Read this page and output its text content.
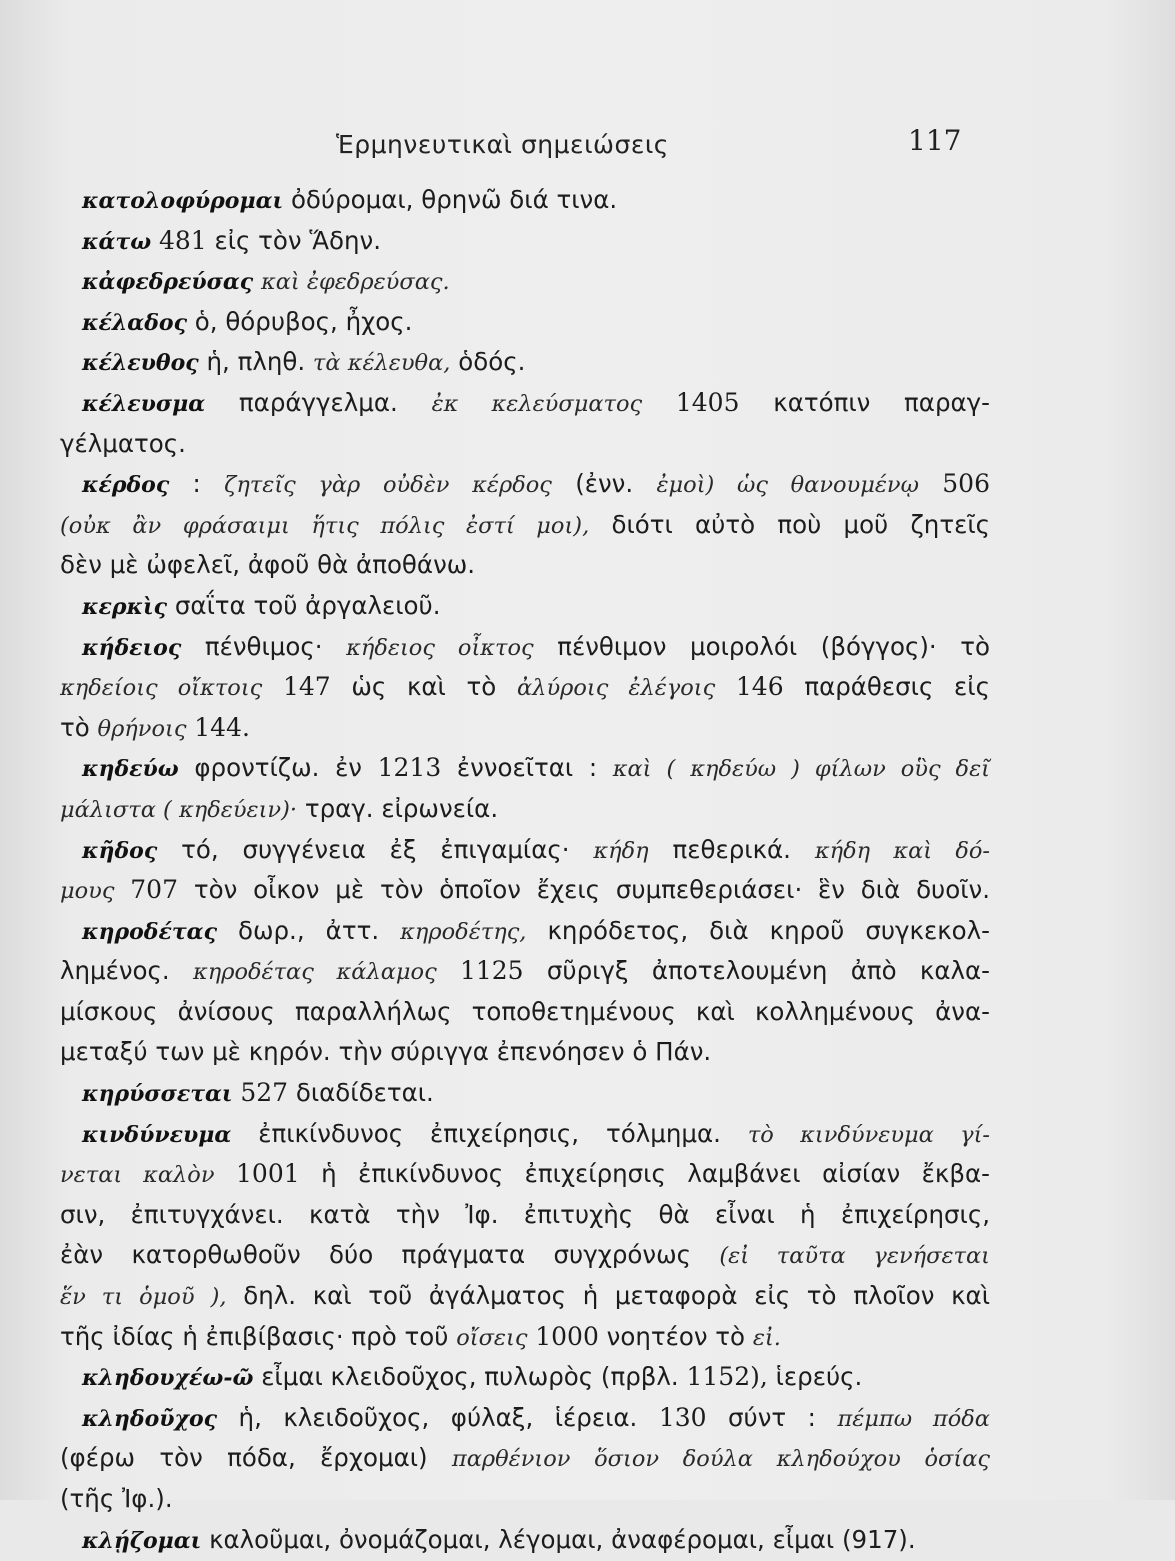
Ἑρμηνευτικαὶ σημειώσεις	117
κατολοφύρομαι ὀδύρομαι, θρηνῶ διά τινα.
κάτω 481 εἰς τὸν Ἅδην.
κἀφεδρεύσας καὶ ἐφεδρεύσας.
κέλαδος ὁ, θόρυβος, ἦχος.
κέλευθος ἡ, πληθ. τὰ κέλευθα, ὁδός.
κέλευσμα παράγγελμα. ἐκ κελεύσματος 1405 κατόπιν παραγ-
γέλματος.
κέρδος : ζητεῖς γὰρ οὐδὲν κέρδος (ἐνν. ἐμοὶ) ὡς θανουμένῳ 506
(οὐκ ἂν φράσαιμι ἥτις πόλις ἐστί μοι), διότι αὐτὸ ποὺ μοῦ ζητεῖς
δὲν μὲ ὠφελεῖ, ἀφοῦ θὰ ἀποθάνω.
κερκὶς σαΐτα τοῦ ἀργαλειοῦ.
κήδειος πένθιμος· κήδειος οἶκτος πένθιμον μοιρολόι (βόγγος)· τὸ
κηδείοις οἴκτοις 147 ὡς καὶ τὸ ἀλύροις ἐλέγοις 146 παράθεσις εἰς
τὸ θρήνοις 144.
κηδεύω φροντίζω. ἐν 1213 ἐννοεῖται : καὶ ( κηδεύω ) φίλων οὓς δεῖ
μάλιστα ( κηδεύειν)· τραγ. εἰρωνεία.
κῆδος τό, συγγένεια ἐξ ἐπιγαμίας· κήδη πεθερικά. κήδη καὶ δό-
μους 707 τὸν οἶκον μὲ τὸν ὁποῖον ἔχεις συμπεθεριάσει· ἓν διὰ δυοῖν.
κηροδέτας δωρ., ἀττ. κηροδέτης, κηρόδετος, διὰ κηροῦ συγκεκολ-
λημένος. κηροδέτας κάλαμος 1125 σῦριγξ ἀποτελουμένη ἀπὸ καλα-
μίσκους ἀνίσους παραλλήλως τοποθετημένους καὶ κολλημένους ἀνα-
μεταξύ των μὲ κηρόν. τὴν σύριγγα ἐπενόησεν ὁ Πάν.
κηρύσσεται 527 διαδίδεται.
κινδύνευμα ἐπικίνδυνος ἐπιχείρησις, τόλμημα. τὸ κινδύνευμα γί-
νεται καλὸν 1001 ἡ ἐπικίνδυνος ἐπιχείρησις λαμβάνει αἰσίαν ἔκβα-
σιν, ἐπιτυγχάνει. κατὰ τὴν Ἰφ. ἐπιτυχὴς θὰ εἶναι ἡ ἐπιχείρησις,
ἐὰν κατορθωθοῦν δύο πράγματα συγχρόνως (εἰ ταῦτα γενήσεται
ἕν τι ὁμοῦ ), δηλ. καὶ τοῦ ἀγάλματος ἡ μεταφορὰ εἰς τὸ πλοῖον καὶ
τῆς ἰδίας ἡ ἐπιβίβασις· πρὸ τοῦ οἴσεις 1000 νοητέον τὸ εἰ.
κληδουχέω-ῶ εἶμαι κλειδοῦχος, πυλωρὸς (πρβλ. 1152), ἱερεύς.
κληδοῦχος ἡ, κλειδοῦχος, φύλαξ, ἱέρεια. 130 σύντ : πέμπω πόδα
(φέρω τὸν πόδα, ἔρχομαι) παρθένιον ὅσιον δούλα κληδούχου ὁσίας
(τῆς Ἰφ.).
κλῄζομαι καλοῦμαι, ὀνομάζομαι, λέγομαι, ἀναφέρομαι, εἶμαι (917).
